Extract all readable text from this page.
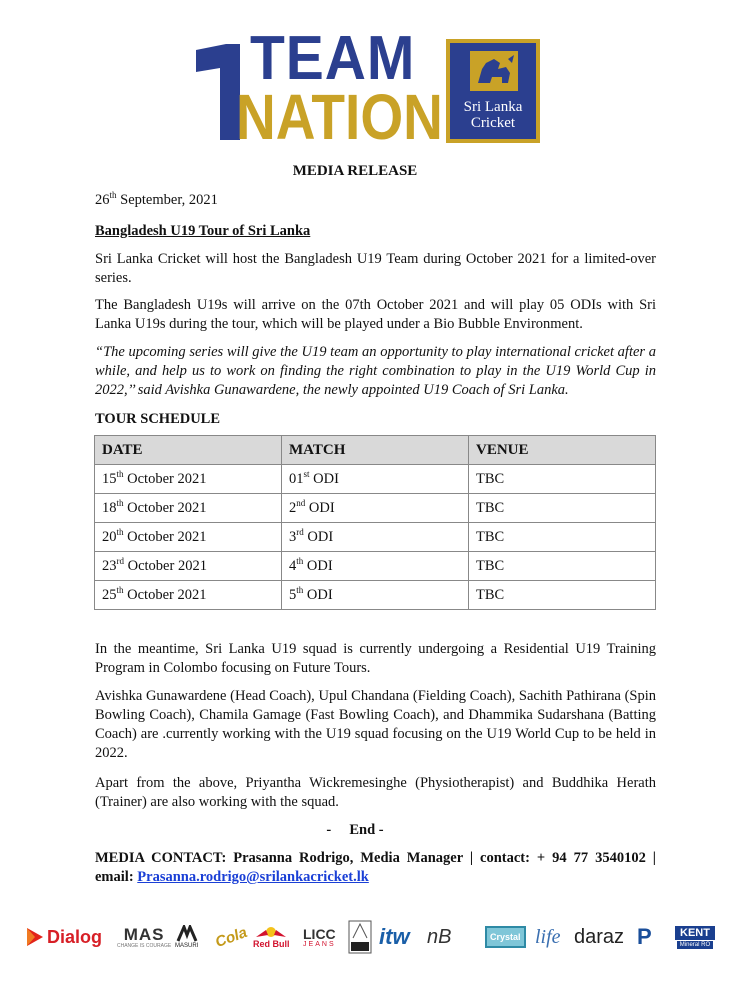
TEAM
NATION	Sri Lanka
Cricket
MEDIA RELEASE

26th September, 2021

Bangladesh U19 Tour of Sri Lanka

Sri Lanka Cricket will host the Bangladesh U19 Team during October 2021 for a limited-over series.

The Bangladesh U19s will arrive on the 07th October 2021 and will play 05 ODIs with Sri Lanka U19s during the tour, which will be played under a Bio Bubble Environment.

“The upcoming series will give the U19 team an opportunity to play international cricket after a while, and help us to work on finding the right combination to play in the U19 World Cup in 2022,’’ said Avishka Gunawardene, the newly appointed U19 Coach of Sri Lanka.

TOUR SCHEDULE

DATE	MATCH	VENUE
15th October 2021	01st ODI	TBC
18th October 2021	2nd ODI	TBC
20th October 2021	3rd ODI	TBC
23rd October 2021	4th ODI	TBC
25th October 2021	5th ODI	TBC

In the meantime, Sri Lanka U19 squad is currently undergoing a Residential U19 Training Program in Colombo focusing on Future Tours.

Avishka Gunawardene (Head Coach), Upul Chandana (Fielding Coach), Sachith Pathirana (Spin Bowling Coach), Chamila Gamage (Fast Bowling Coach), and Dhammika Sudarshana (Batting Coach) are .currently working with the U19 squad focusing on the U19 World Cup to be held in 2022.

Apart from the above, Priyantha Wickremesinghe (Physiotherapist) and Buddhika Herath (Trainer) are also working with the squad.

-     End -

MEDIA CONTACT: Prasanna Rodrigo, Media Manager | contact: + 94 77 3540102 | email: Prasanna.rodrigo@srilankacricket.lk

Dialog MAS
CHANGE IS COURAGE MASURI Cola Red Bull
LICC
JEANS itw nB	Crystal life daraz P	KENT
Mineral RO
